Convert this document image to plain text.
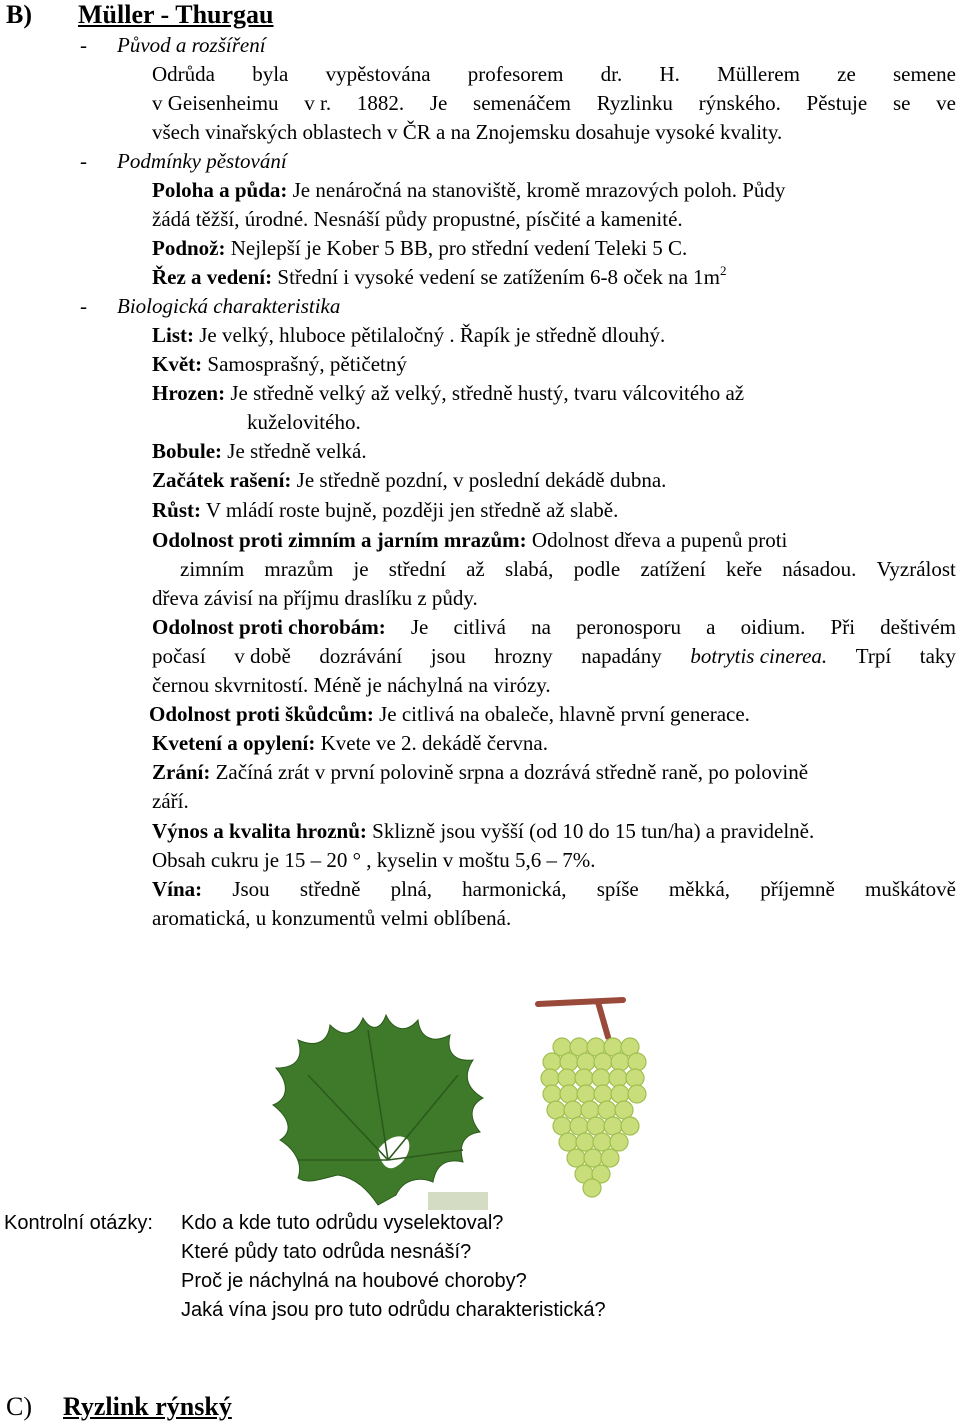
B) Müller - Thurgau
- Původ a rozšíření
Odrůda byla vypěstována profesorem dr. H. Müllerem ze semene
v Geisenheimu v r. 1882. Je semenáčem Ryzlinku rýnského. Pěstuje se ve
všech vinařských oblastech v ČR a na Znojemsku dosahuje vysoké kvality.
- Podmínky pěstování
Poloha a půda: Je nenáročná na stanoviště, kromě mrazových poloh. Půdy
žádá těžší, úrodné. Nesnáší půdy propustné, písčité a kamenité.
Podnož: Nejlepší je Kober 5 BB, pro střední vedení Teleki 5 C.
Řez a vedení: Střední i vysoké vedení se zatížením 6-8 oček na $1m^2$
- Biologická charakteristika
List: Je velký, hluboce pětilaločný . Řapík je středně dlouhý.
Květ: Samosprašný, pětičetný
Hrozen: Je středně velký až velký, středně hustý, tvaru válcovitého až
kuželovitého.
Bobule: Je středně velká.
Začátek rašení: Je středně pozdní, v poslední dekádě dubna.
Růst: V mládí roste bujně, později jen středně až slabě.
Odolnost proti zimním a jarním mrazům: Odolnost dřeva a pupenů proti
zimním mrazům je střední až slabá, podle zatížení keře násadou. Vyzrálost
dřeva závisí na příjmu draslíku z půdy.
Odolnost proti chorobám: Je citlivá na peronosporu a oidium. Při deštivém
počasí v době dozrávání jsou hrozny napadány botrytis cinerea. Trpí taky
černou skvrnitostí. Méně je náchylná na virózy.
Odolnost proti škůdcům: Je citlivá na obaleče, hlavně první generace.
Kvetení a opylení: Kvete ve 2. dekádě června.
Zrání: Začíná zrát v první polovině srpna a dozrává středně raně, po polovině
září.
Výnos a kvalita hroznů: Sklizně jsou vyšší (od 10 do 15 tun/ha) a pravidelně.
Obsah cukru je 15 – 20 ° , kyselin v moštu 5,6 – 7%.
Vína: Jsou středně plná, harmonická, spíše měkká, příjemně muškátově
aromatická, u konzumentů velmi oblíbená.
Kontrolní otázky: Kdo a kde tuto odrůdu vyselektoval?
Které půdy tato odrůda nesnáší?
Proč je náchylná na houbové choroby?
Jaká vína jsou pro tuto odrůdu charakteristická?
C) Ryzlink rýnský
